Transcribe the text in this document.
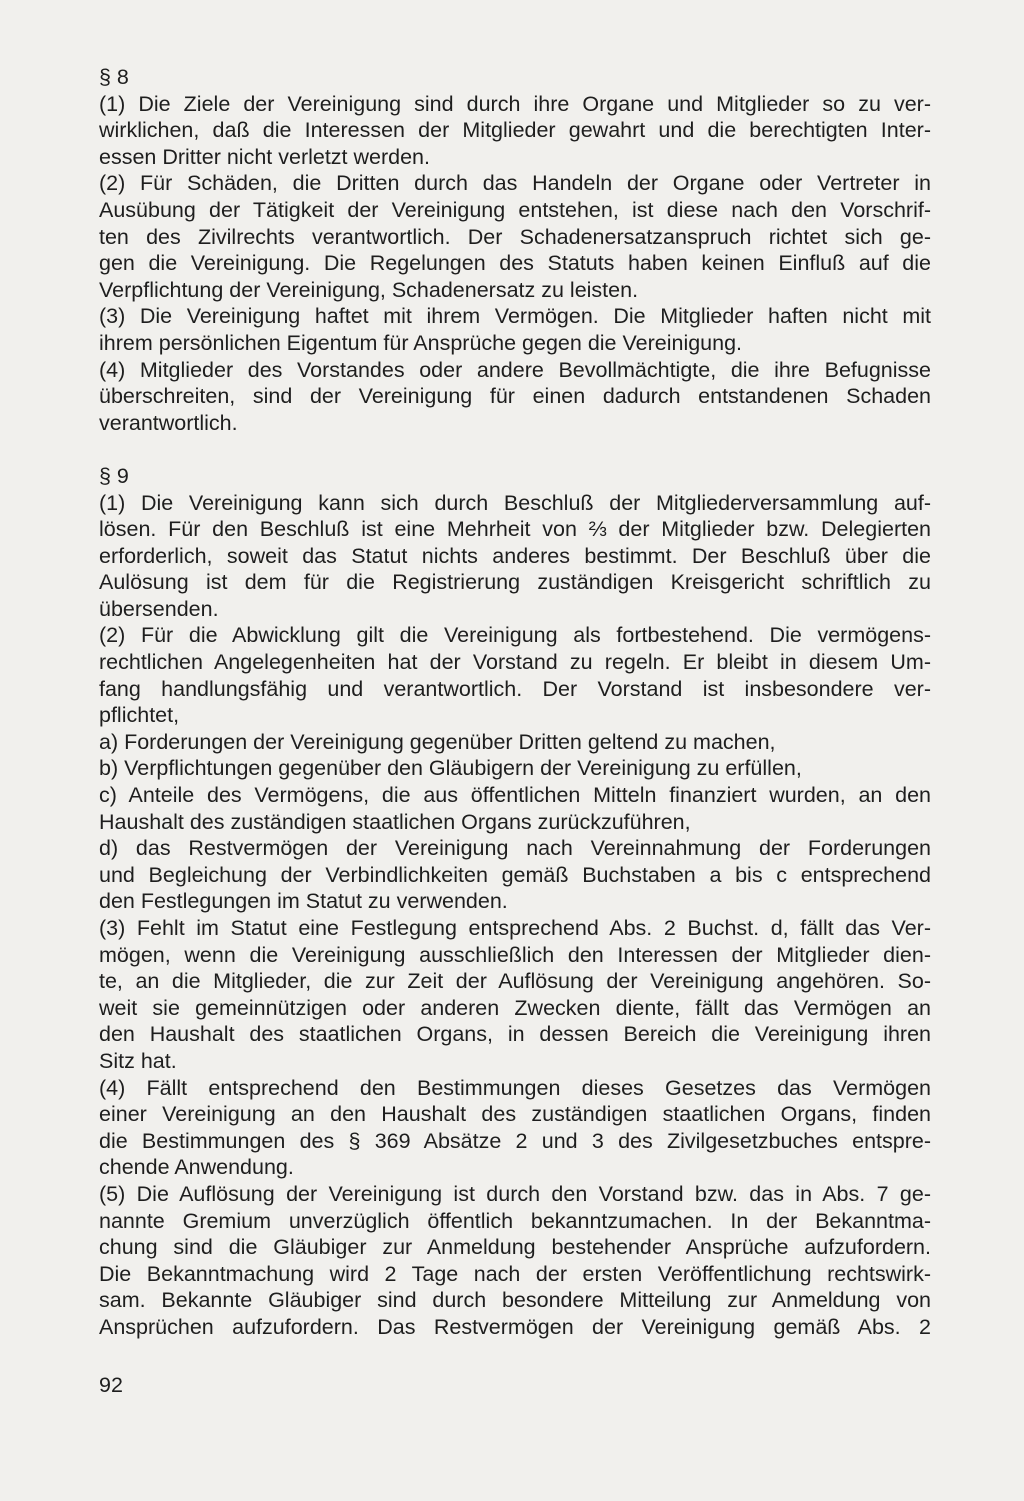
§ 8
(1) Die Ziele der Vereinigung sind durch ihre Organe und Mitglieder so zu ver-
wirklichen, daß die Interessen der Mitglieder gewahrt und die berechtigten Inter-
essen Dritter nicht verletzt werden.
(2) Für Schäden, die Dritten durch das Handeln der Organe oder Vertreter in
Ausübung der Tätigkeit der Vereinigung entstehen, ist diese nach den Vorschrif-
ten des Zivilrechts verantwortlich. Der Schadenersatzanspruch richtet sich ge-
gen die Vereinigung. Die Regelungen des Statuts haben keinen Einfluß auf die
Verpflichtung der Vereinigung, Schadenersatz zu leisten.
(3) Die Vereinigung haftet mit ihrem Vermögen. Die Mitglieder haften nicht mit
ihrem persönlichen Eigentum für Ansprüche gegen die Vereinigung.
(4) Mitglieder des Vorstandes oder andere Bevollmächtigte, die ihre Befugnisse
überschreiten, sind der Vereinigung für einen dadurch entstandenen Schaden
verantwortlich.
§ 9
(1) Die Vereinigung kann sich durch Beschluß der Mitgliederversammlung auf-
lösen. Für den Beschluß ist eine Mehrheit von ⅔ der Mitglieder bzw. Delegierten
erforderlich, soweit das Statut nichts anderes bestimmt. Der Beschluß über die
Aulösung ist dem für die Registrierung zuständigen Kreisgericht schriftlich zu
übersenden.
(2) Für die Abwicklung gilt die Vereinigung als fortbestehend. Die vermögens-
rechtlichen Angelegenheiten hat der Vorstand zu regeln. Er bleibt in diesem Um-
fang handlungsfähig und verantwortlich. Der Vorstand ist insbesondere ver-
pflichtet,
a) Forderungen der Vereinigung gegenüber Dritten geltend zu machen,
b) Verpflichtungen gegenüber den Gläubigern der Vereinigung zu erfüllen,
c) Anteile des Vermögens, die aus öffentlichen Mitteln finanziert wurden, an den
Haushalt des zuständigen staatlichen Organs zurückzuführen,
d) das Restvermögen der Vereinigung nach Vereinnahmung der Forderungen
und Begleichung der Verbindlichkeiten gemäß Buchstaben a bis c entsprechend
den Festlegungen im Statut zu verwenden.
(3) Fehlt im Statut eine Festlegung entsprechend Abs. 2 Buchst. d, fällt das Ver-
mögen, wenn die Vereinigung ausschließlich den Interessen der Mitglieder dien-
te, an die Mitglieder, die zur Zeit der Auflösung der Vereinigung angehören. So-
weit sie gemeinnützigen oder anderen Zwecken diente, fällt das Vermögen an
den Haushalt des staatlichen Organs, in dessen Bereich die Vereinigung ihren
Sitz hat.
(4) Fällt entsprechend den Bestimmungen dieses Gesetzes das Vermögen
einer Vereinigung an den Haushalt des zuständigen staatlichen Organs, finden
die Bestimmungen des § 369 Absätze 2 und 3 des Zivilgesetzbuches entspre-
chende Anwendung.
(5) Die Auflösung der Vereinigung ist durch den Vorstand bzw. das in Abs. 7 ge-
nannte Gremium unverzüglich öffentlich bekanntzumachen. In der Bekanntma-
chung sind die Gläubiger zur Anmeldung bestehender Ansprüche aufzufordern.
Die Bekanntmachung wird 2 Tage nach der ersten Veröffentlichung rechtswirk-
sam. Bekannte Gläubiger sind durch besondere Mitteilung zur Anmeldung von
Ansprüchen aufzufordern. Das Restvermögen der Vereinigung gemäß Abs. 2
92
